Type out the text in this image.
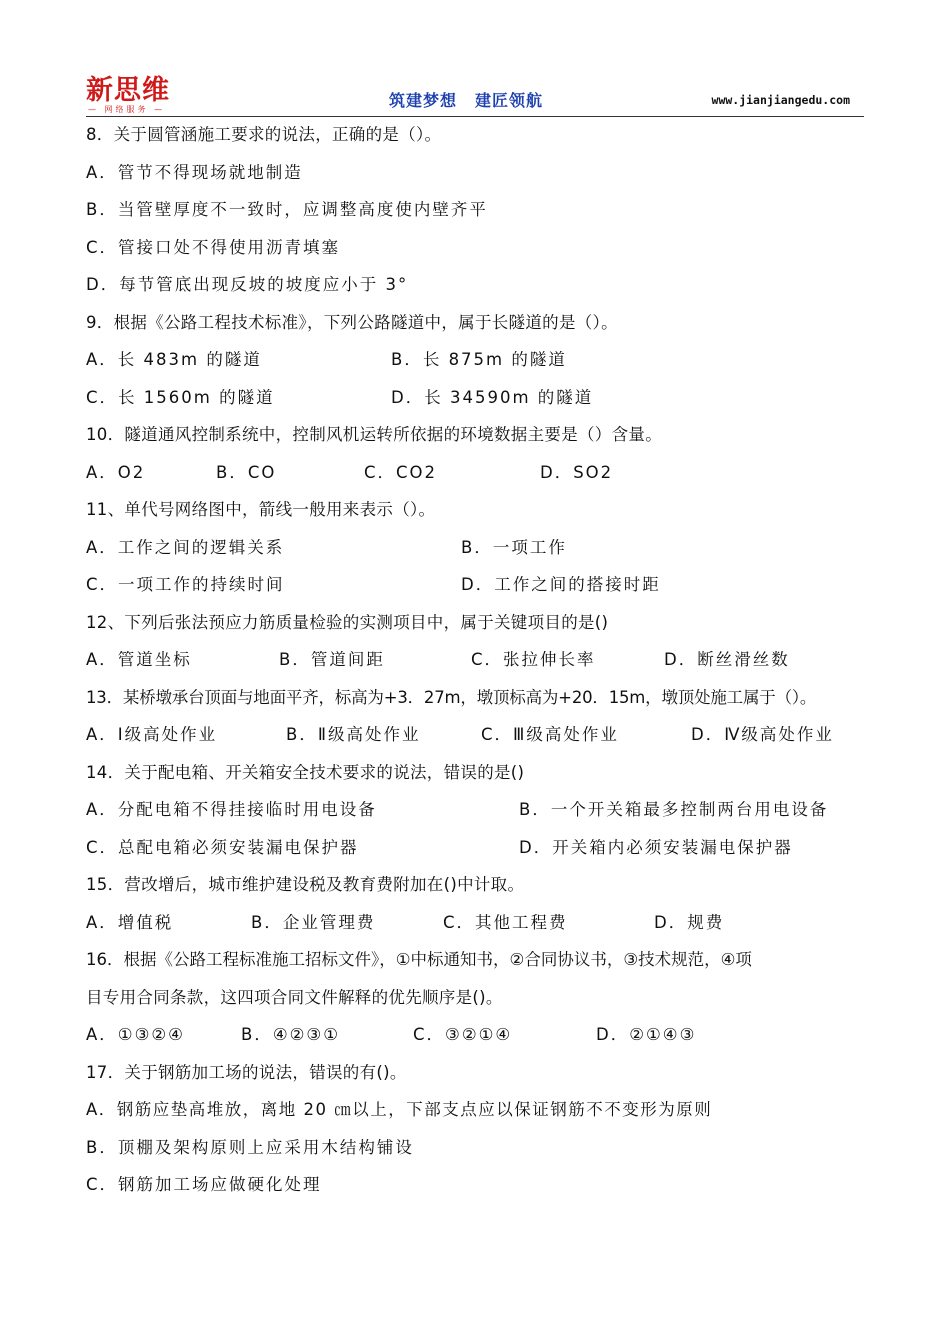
新思维
— 网络服务 —	筑建梦想 建匠领航	www.jianjiangedu.com
8．关于圆管涵施工要求的说法，正确的是（）。
A．管节不得现场就地制造
B．当管壁厚度不一致时，应调整高度使内壁齐平
C．管接口处不得使用沥青填塞
D．每节管底出现反坡的坡度应小于 3°
9．根据《公路工程技术标准》，下列公路隧道中，属于长隧道的是（）。
A．长 483m 的隧道	B．长 875m 的隧道
C．长 1560m 的隧道	D．长 34590m 的隧道
10．隧道通风控制系统中，控制风机运转所依据的环境数据主要是（）含量。
A．O2	B．CO	C．CO2	D．SO2
11、单代号网络图中，箭线一般用来表示（）。
A．工作之间的逻辑关系	B．一项工作
C．一项工作的持续时间	D．工作之间的搭接时距
12、下列后张法预应力筋质量检验的实测项目中，属于关键项目的是()
A．管道坐标	B．管道间距	C．张拉伸长率	D．断丝滑丝数
13．某桥墩承台顶面与地面平齐，标高为+3．27m，墩顶标高为+20．15m，墩顶处施工属于（）。
A．Ⅰ级高处作业	B．Ⅱ级高处作业	C．Ⅲ级高处作业	D．Ⅳ级高处作业
14．关于配电箱、开关箱安全技术要求的说法，错误的是()
A．分配电箱不得挂接临时用电设备	B．一个开关箱最多控制两台用电设备
C．总配电箱必须安装漏电保护器	D．开关箱内必须安装漏电保护器
15．营改增后，城市维护建设税及教育费附加在()中计取。
A．增值税	B．企业管理费	C．其他工程费	D．规费
16．根据《公路工程标准施工招标文件》，①中标通知书，②合同协议书，③技术规范，④项
目专用合同条款，这四项合同文件解释的优先顺序是()。
A．①③②④	B．④②③①	C．③②①④	D．②①④③
17．关于钢筋加工场的说法，错误的有()。
A．钢筋应垫高堆放，离地 20 ㎝以上，下部支点应以保证钢筋不不变形为原则
B．顶棚及架构原则上应采用木结构铺设
C．钢筋加工场应做硬化处理
